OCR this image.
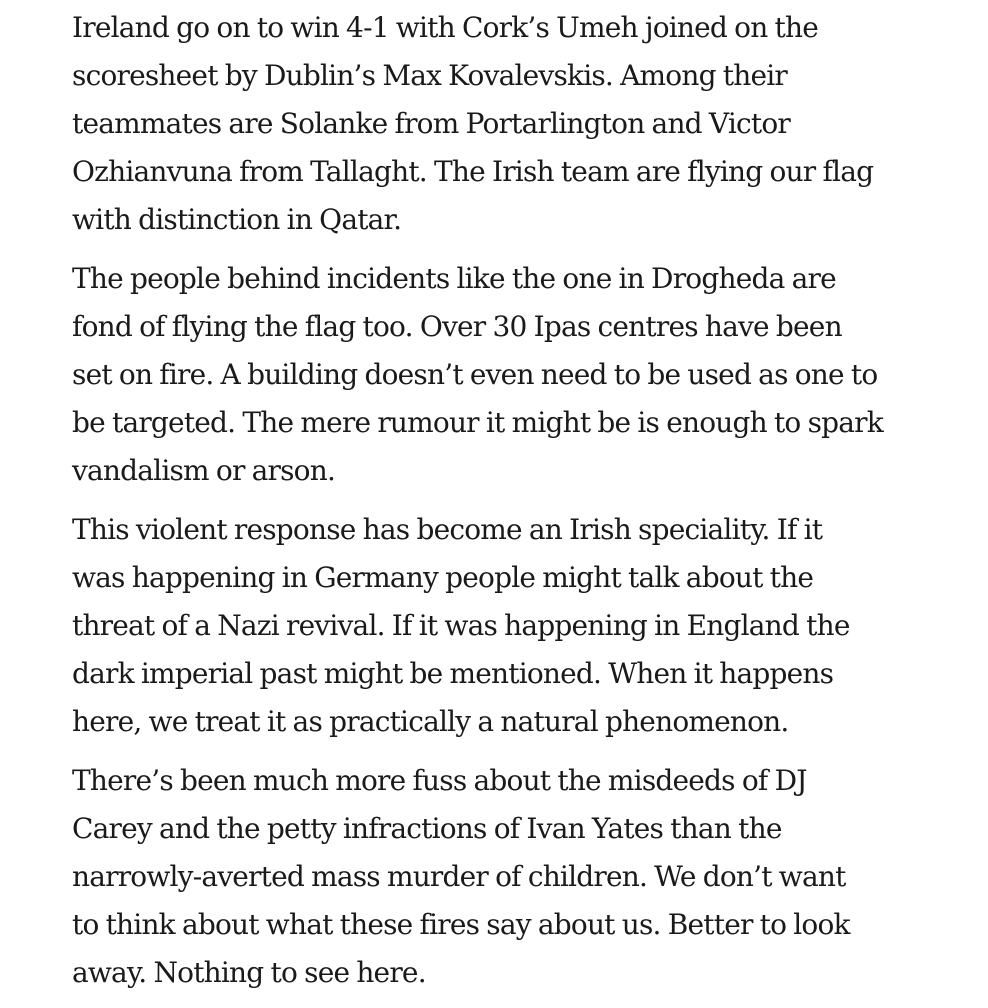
Ireland go on to win 4-1 with Cork’s Umeh joined on the
scoresheet by Dublin’s Max Kovalevskis. Among their
teammates are Solanke from Portarlington and Victor
Ozhianvuna from Tallaght. The Irish team are flying our flag
with distinction in Qatar.

The people behind incidents like the one in Drogheda are
fond of flying the flag too. Over 30 Ipas centres have been
set on fire. A building doesn’t even need to be used as one to
be targeted. The mere rumour it might be is enough to spark
vandalism or arson.

This violent response has become an Irish speciality. If it
was happening in Germany people might talk about the
threat of a Nazi revival. If it was happening in England the
dark imperial past might be mentioned. When it happens
here, we treat it as practically a natural phenomenon.

There’s been much more fuss about the misdeeds of DJ
Carey and the petty infractions of Ivan Yates than the
narrowly-averted mass murder of children. We don’t want
to think about what these fires say about us. Better to look
away. Nothing to see here.
